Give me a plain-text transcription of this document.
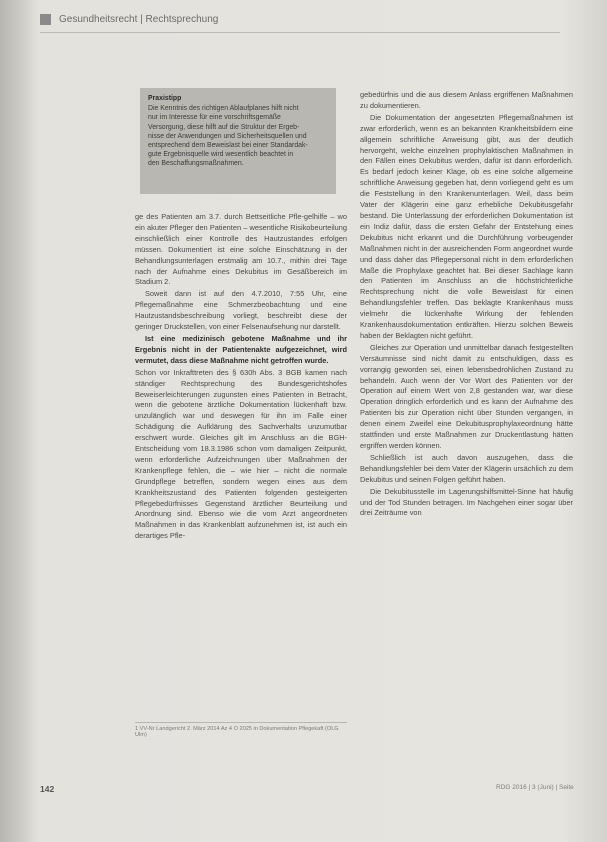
Gesundheitsrecht | Rechtsprechung
Praxistipp
Die Kenntnis des richtigen Ablaufplanes hilft nicht
nur im Interesse für eine vorschriftsgemäße
Versorgung, diese hilft auf die Struktur der Ergeb-
nisse der Anwendungen und Sicherheitsquellen und
entsprechend dem Beweislast bei einer Standardak-
gute Ergebnisquelle wird wesentlich beachtet in
den Beschaffungsmaßnahmen.

ge des Patienten am 3.7. durch Bettseitliche Pfle-gelhilfe – wo ein akuter Pfleger den Patienten – wesentliche Risikobeurteilung einschließlich einer Kontrolle des Hautzustandes erfolgen müssen. Dokumentiert ist eine solche Einschätzung in der Behandlungsunterlagen erstmalig am 10.7., mithin drei Tage nach der Aufnahme eines Dekubitus im Gesäßbereich im Stadium 2.

Soweit dann ist auf den 4.7.2010, 7:55 Uhr, eine Pflegemaßnahme eine Schmerzbeobachtung und eine Hautzustandsbeschreibung vorliegt, beschreibt diese der geringer Druckstellen, von einer Felsenaufsehung nur darstellt.

Ist eine medizinisch gebotene Maßnahme und ihr Ergebnis nicht in der Patientenakte aufgezeichnet, wird vermutet, dass diese Maßnahme nicht getroffen wurde.

Schon vor Inkrafttreten des § 630h Abs. 3 BGB kamen nach ständiger Rechtsprechung des Bundesgerichtshofes Beweiserleichterungen zugunsten eines Patienten in Betracht, wenn die gebotene ärztliche Dokumentation lückenhaft bzw. unzulänglich war und deswegen für ihn im Falle einer Schädigung die Aufklärung des Sachverhalts unzumutbar erschwert wurde. Gleiches gilt im Anschluss an die BGH-Entscheidung vom 18.3.1986 schon vom damaligen Zeitpunkt, wenn erforderliche Aufzeichnungen über Maßnahmen der Krankenpflege fehlen, die – wie hier – nicht die normale Grundpflege betreffen, sondern wegen eines aus dem Krankheitszustand des Patienten folgenden gesteigerten Pflegebedürfnisses Gegenstand ärztlicher Beurteilung und Anordnung sind. Ebenso wie die vom Arzt angeordneten Maßnahmen in das Krankenblatt aufzunehmen ist, ist auch ein derartiges Pfle-

gebedürfnis und die aus diesem Anlass ergriffenen Maßnahmen zu dokumentieren.

Die Dokumentation der angesetzten Pflegemaßnahmen ist zwar erforderlich, wenn es an bekannten Krankheitsbildern eine allgemein schriftliche Anweisung gibt, aus der deutlich hervorgeht, welche einzelnen prophylaktischen Maßnahmen in den Fällen eines Dekubitus werden, dafür ist dann erforderlich. Es bedarf jedoch keiner Klage, ob es eine solche allgemeine schriftliche Anweisung gegeben hat, denn vorliegend geht es um die Feststellung in den Krankenunterlagen. Weil, dass beim Vater der Klägerin eine ganz erhebliche Dekubitusgefahr bestand. Die Unterlassung der erforderlichen Dokumentation ist ein Indiz dafür, dass die ersten Gefahr der Entstehung eines Dekubitus nicht erkannt und die Durchführung vorbeugender Maßnahmen nicht in der ausreichenden Form angeordnet wurde und dass daher das Pflegepersonal nicht in dem erforderlichen Maße die Prophylaxe geachtet hat. Bei dieser Sachlage kann den Patienten im Anschluss an die höchstrichterliche Rechtsprechung nicht die volle Beweislast für einen Behandlungsfehler treffen. Das beklagte Krankenhaus muss vielmehr die lückenhafte Wirkung der fehlenden Krankenhausdokumentation entkräften. Hierzu solchen Beweis haben der Beklagten nicht geführt.

Gleiches zur Operation und unmittelbar danach festgestellten Versäumnisse sind nicht damit zu entschuldigen, dass es vorrangig geworden sei, einen lebensbedrohlichen Zustand zu behandeln. Auch wenn der Vor Wort des Patienten vor der Operation auf einem Wert von 2,8 gestanden war, war diese Operation dringlich erforderlich und es kann der Aufnahme des Patienten bis zur Operation nicht über Stunden vergangen, in denen einem Zweifel eine Dekubitusprophylaxeordnung hätte stattfinden und erste Maßnahmen zur Druckentlastung hätten ergriffen werden können.

Schließlich ist auch davon auszugehen, dass die Behandlungsfehler bei dem Vater der Klägerin ursächlich zu dem Dekubitus und seinen Folgen geführt haben.

Die Dekubitusstelle im Lagerungshilfsmittel-Sinne hat häufig und der Tod Stunden betragen. Im Nachgehen einer sogar über drei Zeiträume von

1 VV-Nr Landgericht 2. März 2014 Az 4 O 2025 in Dokumentation Pflegekaft (OLG Ulm)
142	RDG 2016 | 3 (Juni) | Seite
